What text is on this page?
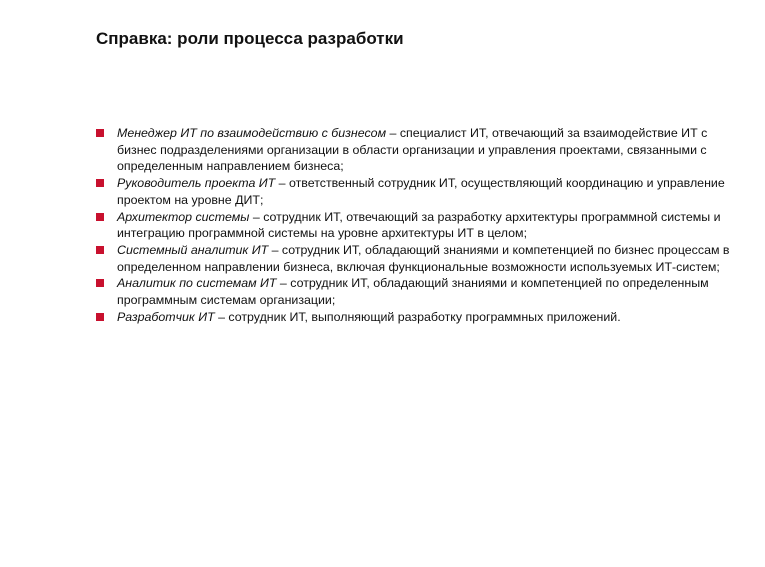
Справка: роли процесса разработки
Менеджер ИТ по взаимодействию с бизнесом – специалист ИТ, отвечающий за взаимодействие ИТ с бизнес подразделениями организации в области организации и управления проектами, связанными с определенным направлением бизнеса;
Руководитель проекта ИТ – ответственный сотрудник ИТ, осуществляющий координацию и управление проектом на уровне ДИТ;
Архитектор системы – сотрудник ИТ, отвечающий за разработку архитектуры программной системы и интеграцию программной системы на уровне архитектуры ИТ в целом;
Системный аналитик ИТ – сотрудник ИТ, обладающий знаниями и компетенцией по бизнес процессам в определенном направлении бизнеса, включая функциональные возможности используемых ИТ-систем;
Аналитик по системам ИТ – сотрудник ИТ, обладающий знаниями и компетенцией по определенным программным системам организации;
Разработчик ИТ – сотрудник ИТ, выполняющий разработку программных приложений.
